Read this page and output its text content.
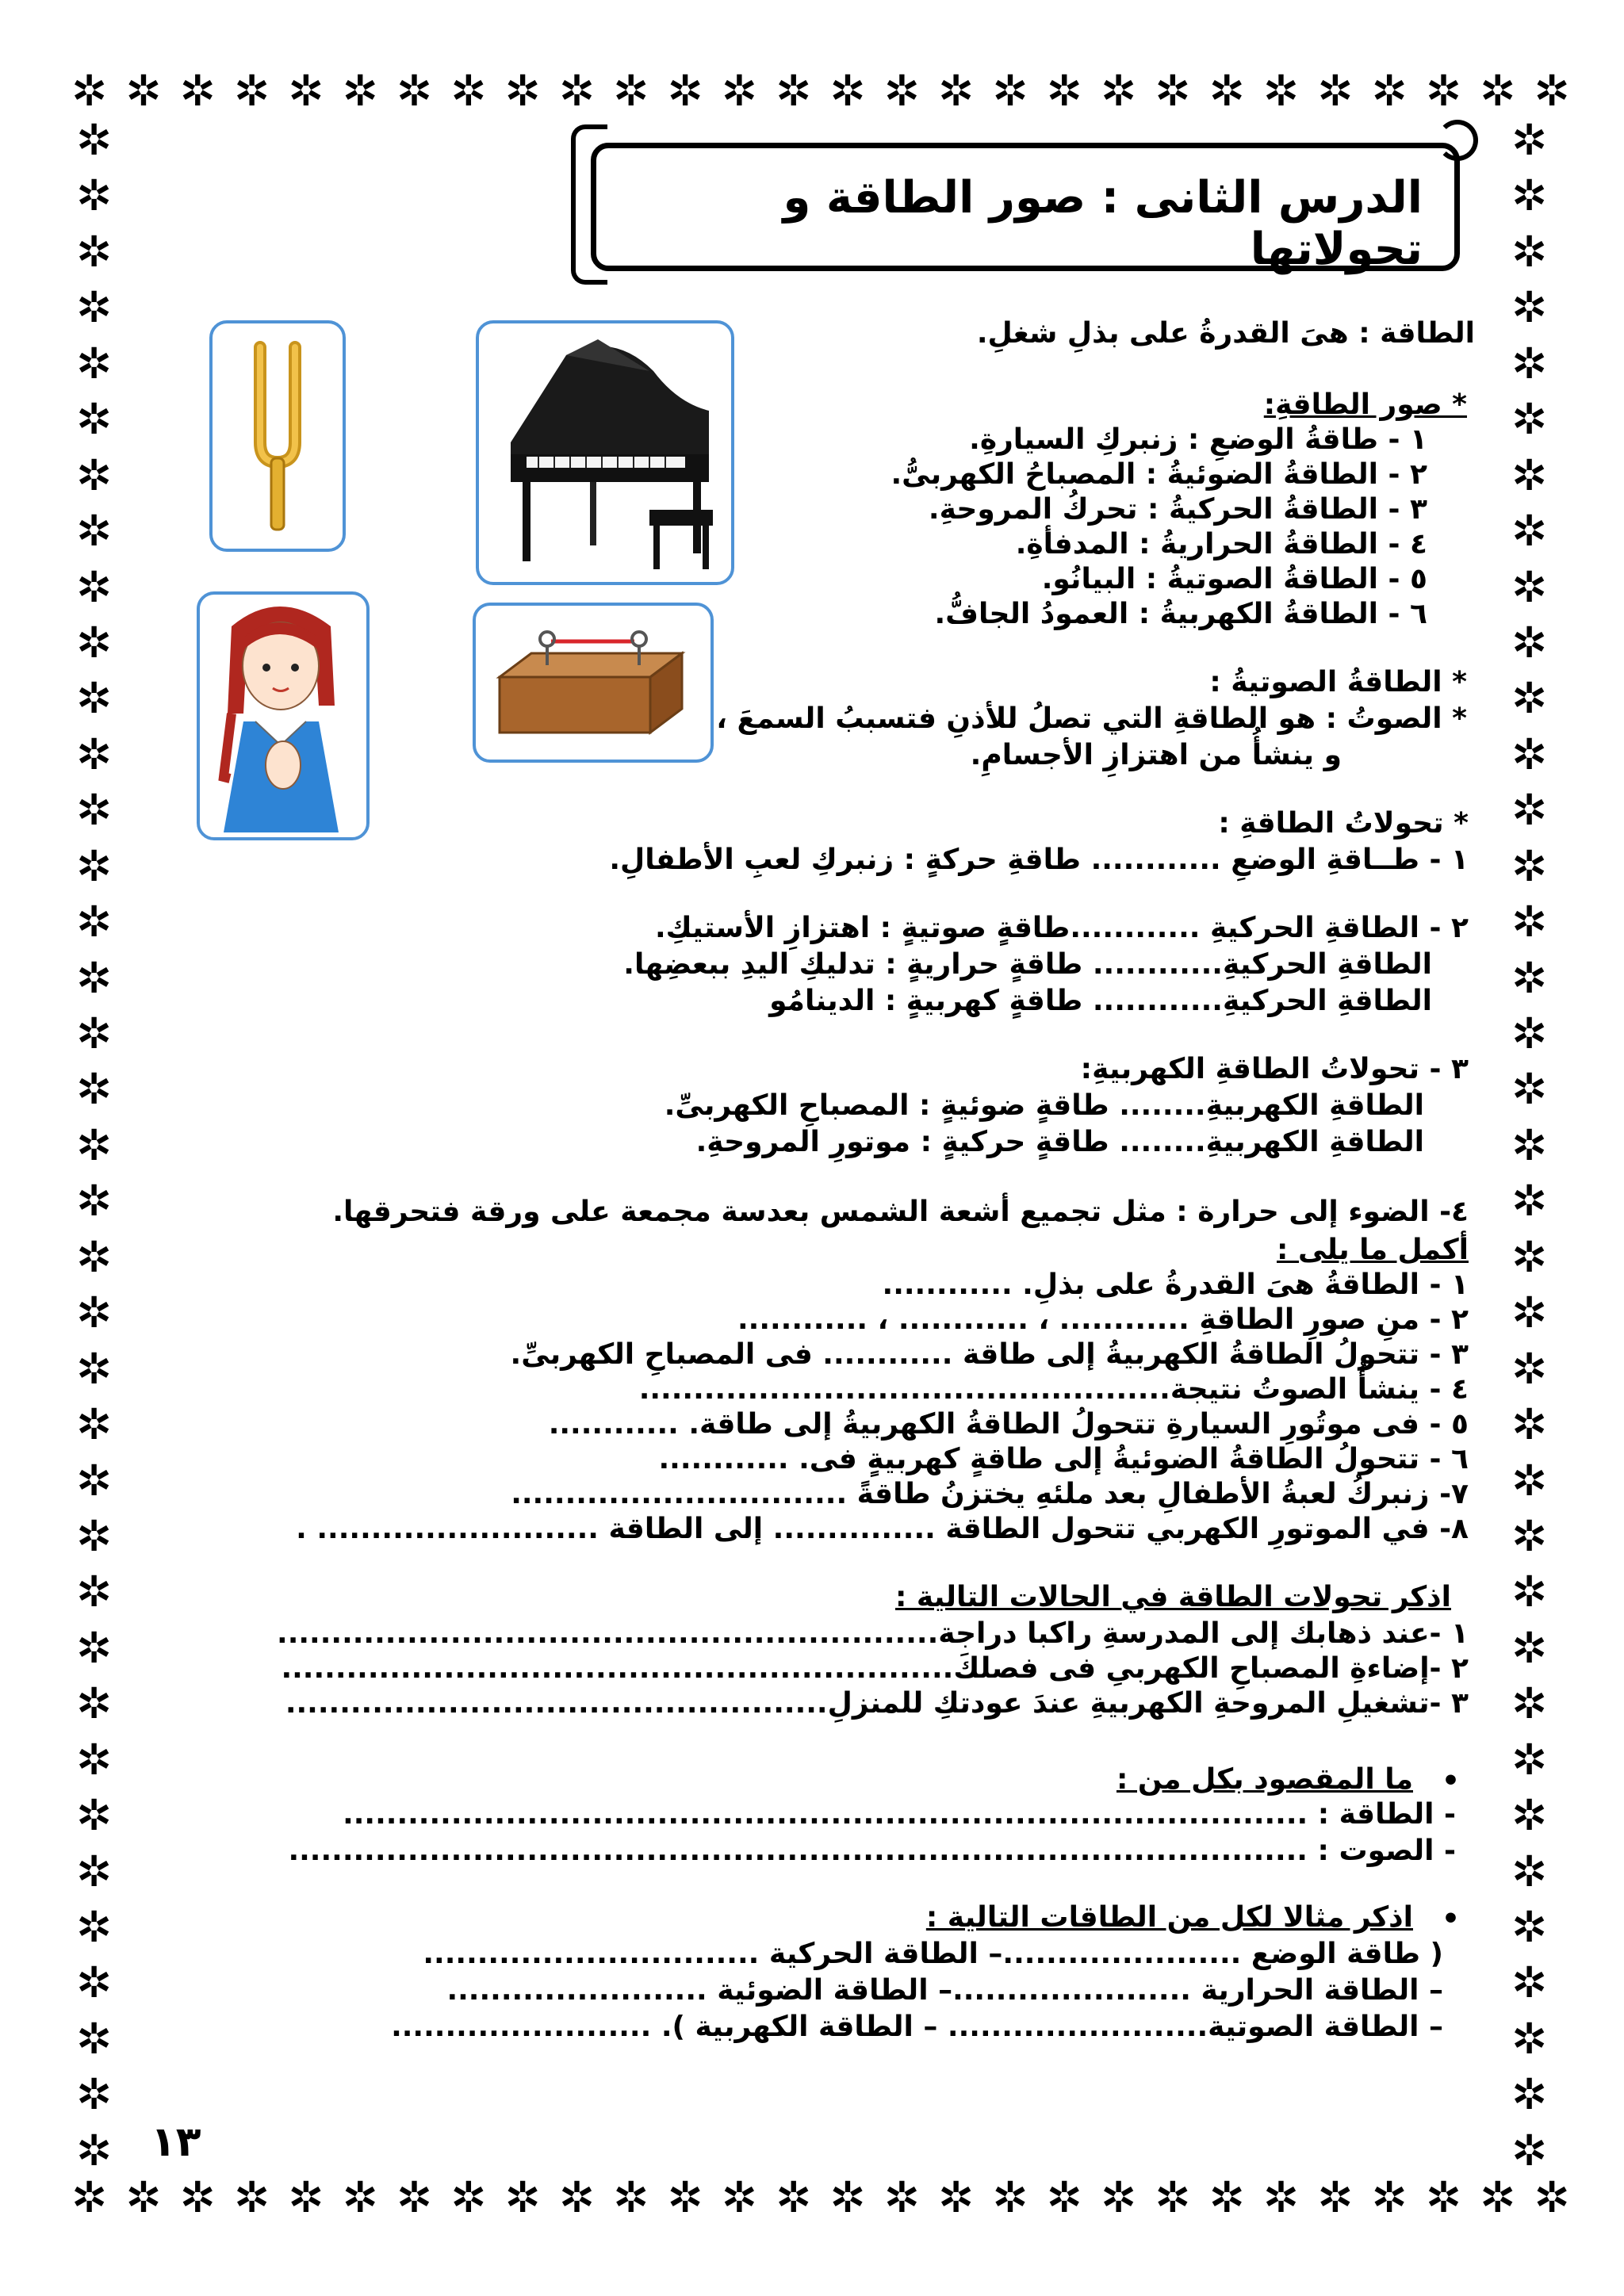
✲ ✲ ✲ ✲ ✲ ✲ ✲ ✲ ✲ ✲ ✲ ✲ ✲ ✲ ✲ ✲ ✲ ✲ ✲ ✲ ✲ ✲ ✲ ✲ ✲ ✲ ✲ ✲
✲ ✲ ✲ ✲ ✲ ✲ ✲ ✲ ✲ ✲ ✲ ✲ ✲ ✲ ✲ ✲ ✲ ✲ ✲ ✲ ✲ ✲ ✲ ✲ ✲ ✲ ✲ ✲
✲
✲
✲
✲
✲
✲
✲
✲
✲
✲
✲
✲
✲
✲
✲
✲
✲
✲
✲
✲
✲
✲
✲
✲
✲
✲
✲
✲
✲
✲
✲
✲
✲
✲
✲
✲
✲
✲
✲
✲
✲
✲
✲
✲
✲
✲
✲
✲
✲
✲
✲
✲
✲
✲
✲
✲
✲
✲
✲
✲
✲
✲
✲
✲
✲
✲
✲
✲
✲
✲
✲
✲
✲
✲
الدرس الثانى : صور الطاقة و تحولاتها
الطاقة : هىَ القدرةُ على بذلِ شغلِ.
* صور الطاقةِ:
١ - طاقةُ الوضعِ : زنبركِ السيارةِ.
٢ - الطاقةُ الضوئيةُ : المصباحُ الكهربىُّ.
٣ - الطاقةُ الحركيةُ : تحركُ المروحةِ.
٤ - الطاقةُ الحراريةُ : المدفأةِ.
٥ - الطاقةُ الصوتيةُ : البيانُو.
٦ - الطاقةُ الكهربيةُ : العمودُ الجافُّ.
* الطاقةُ الصوتيةُ :
* الصوتُ : هو الطاقةِ التي تصلُ للأذنِ فتسببُ السمعَ ،
و ينشأُ من اهتزازِ الأجسامِ.
* تحولاتُ الطاقةِ :
١ - طــاقةِ الوضعِ ............ طاقةِ حركةٍ : زنبركِ لعبِ الأطفالِ.
٢ - الطاقةِ الحركيةِ ............طاقةٍ صوتيةٍ : اهتزازِ الأستيكِ.
الطاقةِ الحركيةِ............ طاقةٍ حراريةٍ : تدليكِ اليدِ ببعضِها.
الطاقةِ الحركيةِ............ طاقةٍ كهربيةٍ : الدينامُو
٣ - تحولاتُ الطاقةِ الكهربيةِ:
الطاقةِ الكهربيةِ........ طاقةٍ ضوئيةٍ : المصباحِ الكهربىِّ.
الطاقةِ الكهربيةِ........ طاقةٍ حركيةٍ : موتورِ المروحةِ.
٤- الضوء إلى حرارة : مثل تجميع أشعة الشمس بعدسة مجمعة على ورقة فتحرقها.
أكمل ما يلى :
١ - الطاقةُ هىَ القدرةُ على بذلِ. ............
٢ - منِ صورِ الطاقةِ ............ ، ............ ، ............
٣ - تتحولُ الطاقةُ الكهربيةُ إلى طاقة ............ فى المصباحِ الكهربىِّ.
٤ - ينشأُ الصوتُ نتيجة.................................................
٥ - فى موتُورِ السيارةِ تتحولُ الطاقةُ الكهربيةُ إلى طاقة. ............
٦ - تتحولُ الطاقةُ الضوئيةُ إلى طاقةٍ كهربيةٍ فى. ............
٧- زنبركُ لعبةُ الأطفالِ بعد ملئهِ يختزنُ طاقةً ...............................
٨- في الموتورِ الكهربي تتحول الطاقة ............... إلى الطاقة .......................... .
اذكر تحولات الطاقة في الحالات التالية :
١ -عند ذهابك إلى المدرسةِ راكبا دراجة.............................................................
٢ -إضاءةِ المصباحِ الكهربىِ فى فصلكَ..............................................................
٣ -تشغيلِ المروحةِ الكهربيةِ عندَ عودتكِ للمنزلِ..................................................
•
ما المقصود بكل من :
- الطاقة : .........................................................................................
- الصوت : ..............................................................................................
•
اذكر مثالا لكل من الطاقات التالية :
( طاقة الوضع ......................– الطاقة الحركية ...............................
– الطاقة الحرارية ......................– الطاقة الضوئية ........................
– الطاقة الصوتية........................ – الطاقة الكهربية ). ........................
١٣
